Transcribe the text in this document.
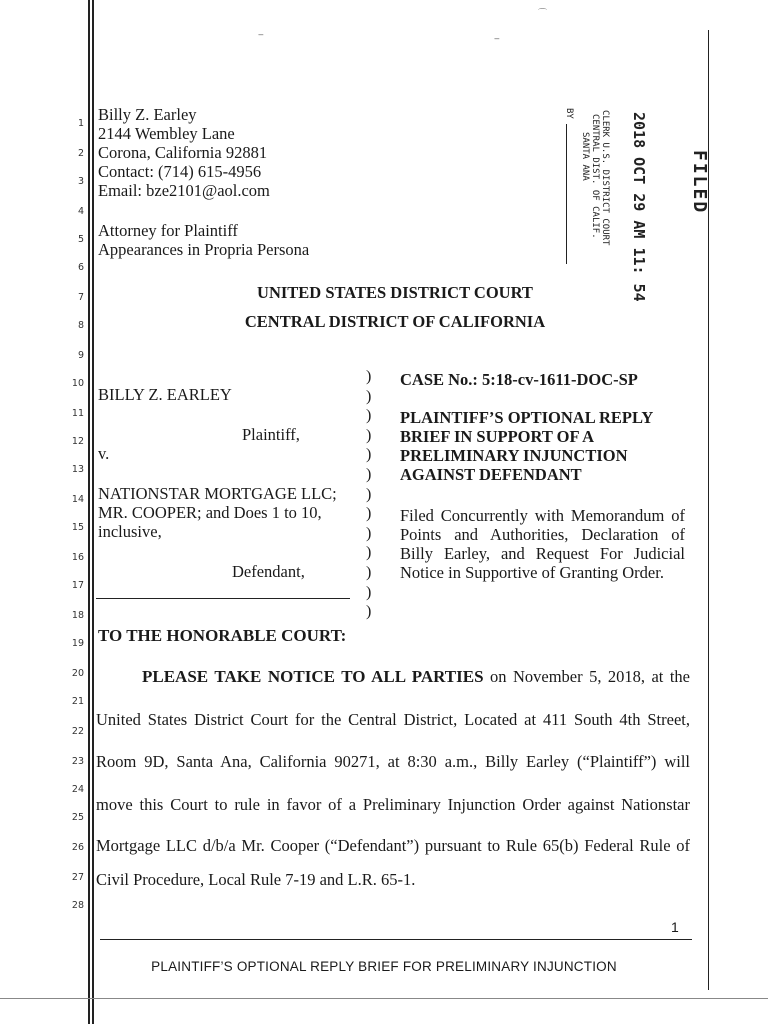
⌒
‒	‒
1
2
3
4
5
6
7
8
9
10
11
12
13
14
15
16
17
18
19
20
21
22
23
24
25
26
27
28
Billy Z. Earley
2144 Wembley Lane
Corona, California 92881
Contact: (714) 615-4956
Email: bze2101@aol.com
Attorney for Plaintiff
Appearances in Propria Persona
FILED
2018 OCT 29 AM 11: 54
CLERK U.S. DISTRICT COURT
CENTRAL DIST. OF CALIF.
SANTA ANA
BY
UNITED STATES DISTRICT COURT
CENTRAL DISTRICT OF CALIFORNIA
BILLY Z. EARLEY
Plaintiff,
v.
NATIONSTAR MORTGAGE LLC;
MR. COOPER; and Does 1 to 10,
inclusive,
Defendant,
)
)
)
)
)
)
)
)
)
)
)
)
)
CASE No.: 5:18-cv-1611-DOC-SP
PLAINTIFF’S OPTIONAL REPLY
BRIEF IN SUPPORT OF A
PRELIMINARY INJUNCTION
AGAINST DEFENDANT
Filed Concurrently with Memorandum of
Points and Authorities, Declaration of
Billy Earley, and Request For Judicial
Notice in Supportive of Granting Order.
TO THE HONORABLE COURT:
PLEASE TAKE NOTICE TO ALL PARTIES on November 5, 2018, at the
United States District Court for the Central District, Located at 411 South 4th Street,
Room 9D, Santa Ana, California 90271, at 8:30 a.m., Billy Earley (“Plaintiff”) will
move this Court to rule in favor of a Preliminary Injunction Order against Nationstar
Mortgage LLC d/b/a Mr. Cooper (“Defendant”) pursuant to Rule 65(b) Federal Rule of
Civil Procedure, Local Rule 7-19 and L.R. 65-1.
1
PLAINTIFF’S OPTIONAL REPLY BRIEF FOR PRELIMINARY INJUNCTION
